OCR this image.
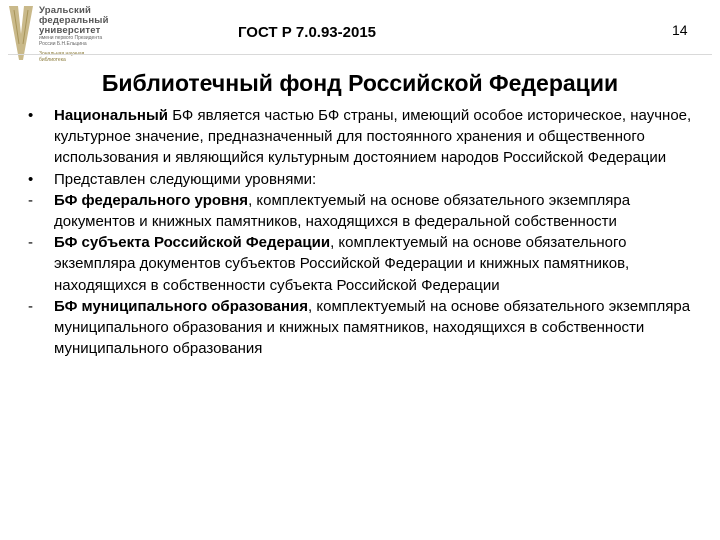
Уральский
федеральный
университет
имени первого Президента России Б.Н.Ельцина
Зональная научная библиотека
ГОСТ Р 7.0.93-2015	14
Библиотечный фонд Российской Федерации
•	Национальный БФ является частью БФ страны, имеющий особое историческое, научное, культурное значение, предназначенный для постоянного хранения и общественного использования и являющийся культурным достоянием народов Российской Федерации
•	Представлен следующими уровнями:
-	БФ федерального уровня, комплектуемый на основе обязательного экземпляра документов и книжных памятников, находящихся в федеральной собственности
-	БФ субъекта Российской Федерации, комплектуемый на основе обязательного экземпляра документов субъектов Российской Федерации и книжных памятников, находящихся в собственности субъекта Российской Федерации
-	БФ муниципального образования, комплектуемый на основе обязательного экземпляра муниципального образования и книжных памятников, находящихся в собственности муниципального образования
